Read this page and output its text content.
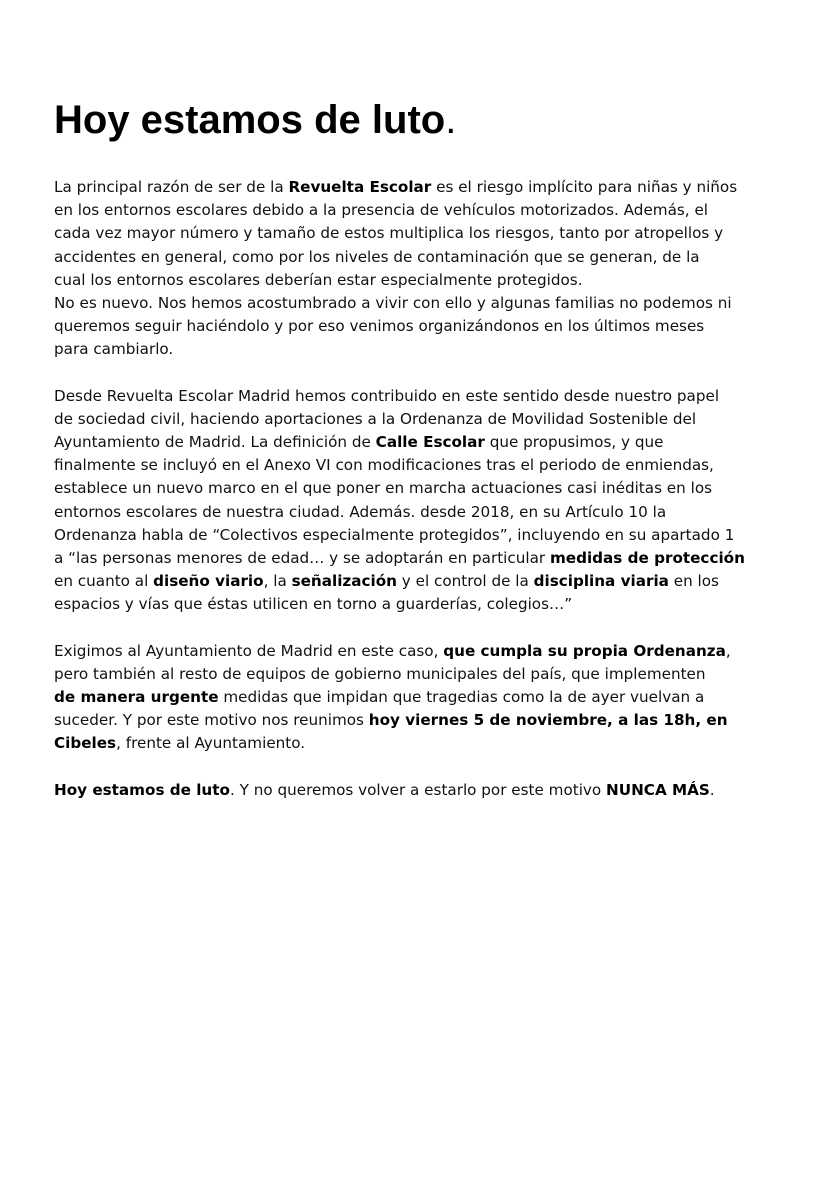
Hoy estamos de luto.

La principal razón de ser de la Revuelta Escolar es el riesgo implícito para niñas y niños
en los entornos escolares debido a la presencia de vehículos motorizados. Además, el
cada vez mayor número y tamaño de estos multiplica los riesgos, tanto por atropellos y
accidentes en general, como por los niveles de contaminación que se generan, de la
cual los entornos escolares deberían estar especialmente protegidos.
No es nuevo. Nos hemos acostumbrado a vivir con ello y algunas familias no podemos ni
queremos seguir haciéndolo y por eso venimos organizándonos en los últimos meses
para cambiarlo.

Desde Revuelta Escolar Madrid hemos contribuido en este sentido desde nuestro papel
de sociedad civil, haciendo aportaciones a la Ordenanza de Movilidad Sostenible del
Ayuntamiento de Madrid. La definición de Calle Escolar que propusimos, y que
finalmente se incluyó en el Anexo VI con modificaciones tras el periodo de enmiendas,
establece un nuevo marco en el que poner en marcha actuaciones casi inéditas en los
entornos escolares de nuestra ciudad. Además. desde 2018, en su Artículo 10 la
Ordenanza habla de “Colectivos especialmente protegidos”, incluyendo en su apartado 1
a “las personas menores de edad… y se adoptarán en particular medidas de protección
en cuanto al diseño viario, la señalización y el control de la disciplina viaria en los
espacios y vías que éstas utilicen en torno a guarderías, colegios…”

Exigimos al Ayuntamiento de Madrid en este caso, que cumpla su propia Ordenanza,
pero también al resto de equipos de gobierno municipales del país, que implementen
de manera urgente medidas que impidan que tragedias como la de ayer vuelvan a
suceder. Y por este motivo nos reunimos hoy viernes 5 de noviembre, a las 18h, en
Cibeles, frente al Ayuntamiento.

Hoy estamos de luto. Y no queremos volver a estarlo por este motivo NUNCA MÁS.
